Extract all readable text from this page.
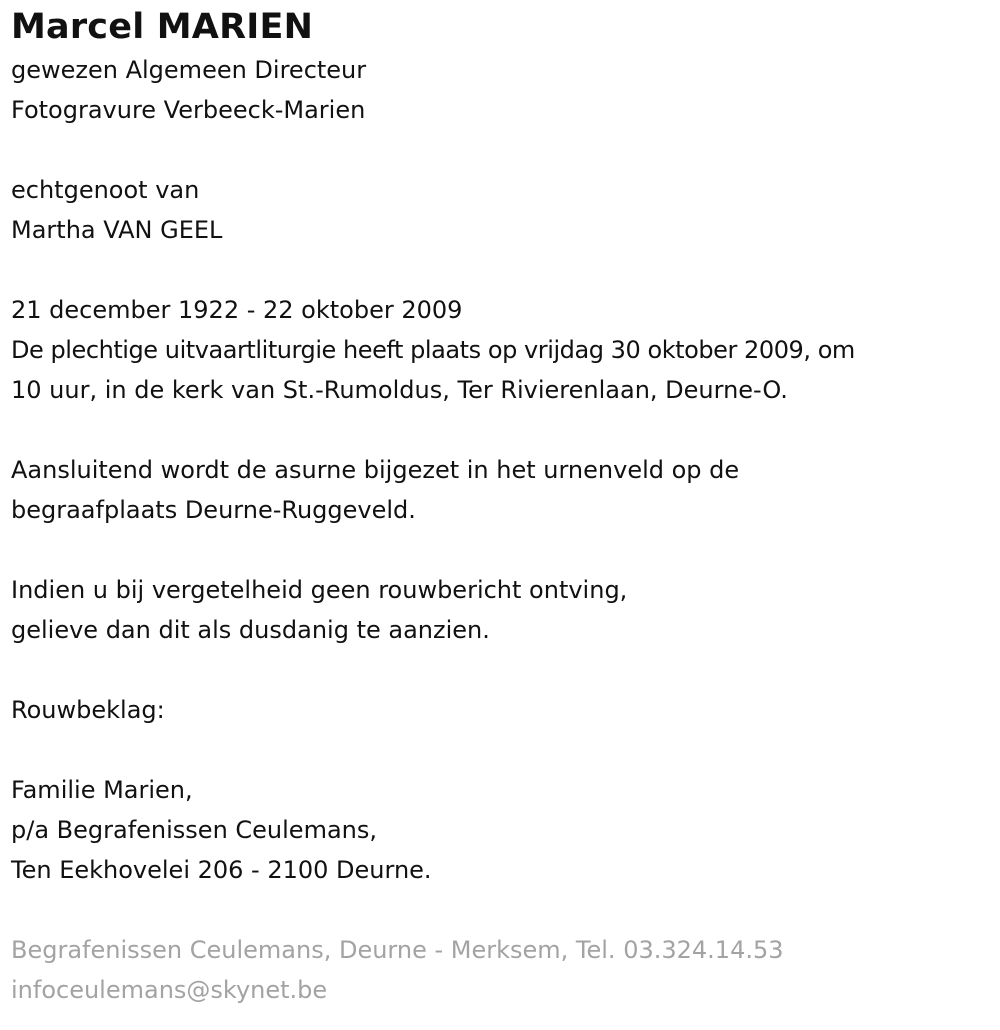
Marcel MARIEN
gewezen Algemeen Directeur
Fotogravure Verbeeck-Marien
echtgenoot van
Martha VAN GEEL
21 december 1922 - 22 oktober 2009
De plechtige uitvaartliturgie heeft plaats op vrijdag 30 oktober 2009, om
10 uur, in de kerk van St.-Rumoldus, Ter Rivierenlaan, Deurne-O.
Aansluitend wordt de asurne bijgezet in het urnenveld op de
begraafplaats Deurne-Ruggeveld.
Indien u bij vergetelheid geen rouwbericht ontving,
gelieve dan dit als dusdanig te aanzien.
Rouwbeklag:
Familie Marien,
p/a Begrafenissen Ceulemans,
Ten Eekhovelei 206 - 2100 Deurne.
Begrafenissen Ceulemans, Deurne - Merksem, Tel. 03.324.14.53
infoceulemans@skynet.be
